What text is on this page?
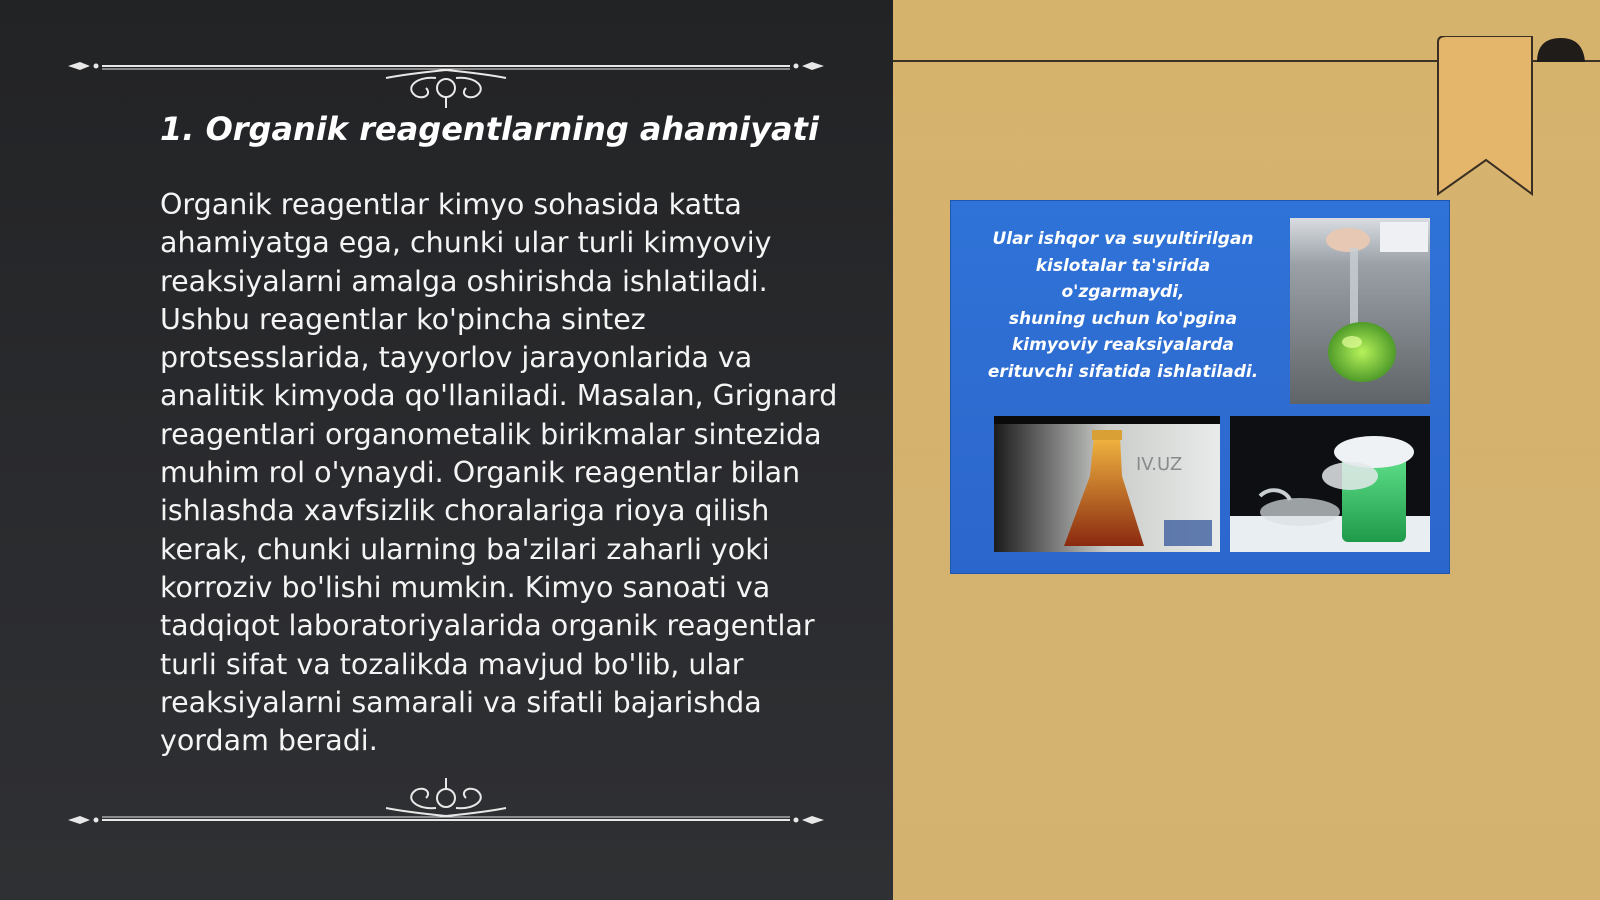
1. Organik reagentlarning ahamiyati

Organik reagentlar kimyo sohasida katta ahamiyatga ega, chunki ular turli kimyoviy reaksiyalarni amalga oshirishda ishlatiladi. Ushbu reagentlar ko'pincha sintez protsesslarida, tayyorlov jarayonlarida va analitik kimyoda qo'llaniladi. Masalan, Grignard reagentlari organometalik birikmalar sintezida muhim rol o'ynaydi. Organik reagentlar bilan ishlashda xavfsizlik choralariga rioya qilish kerak, chunki ularning ba'zilari zaharli yoki korroziv bo'lishi mumkin. Kimyo sanoati va tadqiqot laboratoriyalarida organik reagentlar turli sifat va tozalikda mavjud bo'lib, ular reaksiyalarni samarali va sifatli bajarishda yordam beradi.

Ular ishqor va suyultirilgan
kislotalar ta'sirida
o'zgarmaydi,
shuning uchun ko'pgina
kimyoviy reaksiyalarda
erituvchi sifatida ishlatiladi.

IV.UZ
